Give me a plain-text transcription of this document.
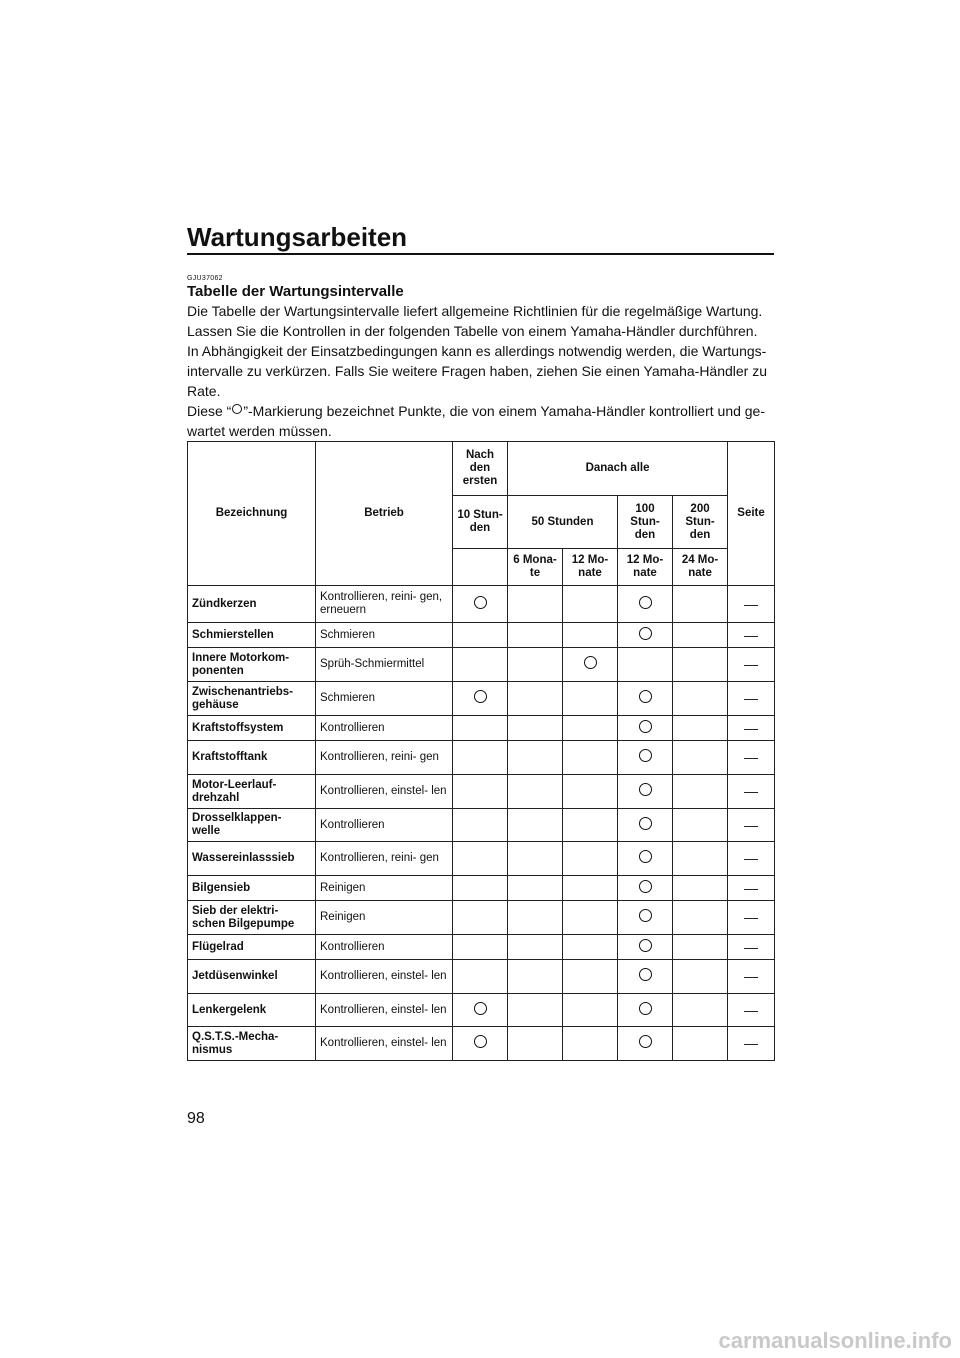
Wartungsarbeiten
GJU37062
Tabelle der Wartungsintervalle

Die Tabelle der Wartungsintervalle liefert allgemeine Richtlinien für die regelmäßige Wartung.

Lassen Sie die Kontrollen in der folgenden Tabelle von einem Yamaha-Händler durchführen.

In Abhängigkeit der Einsatzbedingungen kann es allerdings notwendig werden, die Wartungs-

intervalle zu verkürzen. Falls Sie weitere Fragen haben, ziehen Sie einen Yamaha-Händler zu

Rate.

Diese “ ”-Markierung bezeichnet Punkte, die von einem Yamaha-Händler kontrolliert und ge-

wartet werden müssen.

Bezeichnung	Betrieb	Nach den ersten	Danach alle				Seite
		10 Stun- den	50 Stunden		100 Stun- den	200 Stun- den	
			6 Mona- te	12 Mo- nate	12 Mo- nate	24 Mo- nate	
Zündkerzen	Kontrollieren, reini- gen, erneuern						—
Schmierstellen	Schmieren						—
Innere Motorkom- ponenten	Sprüh-Schmiermittel						—
Zwischenantriebs- gehäuse	Schmieren						—
Kraftstoffsystem	Kontrollieren						—
Kraftstofftank	Kontrollieren, reini- gen						—
Motor-Leerlauf- drehzahl	Kontrollieren, einstel- len						—
Drosselklappen- welle	Kontrollieren						—
Wassereinlasssieb	Kontrollieren, reini- gen						—
Bilgensieb	Reinigen						—
Sieb der elektri- schen Bilgepumpe	Reinigen						—
Flügelrad	Kontrollieren						—
Jetdüsenwinkel	Kontrollieren, einstel- len						—
Lenkergelenk	Kontrollieren, einstel- len						—
Q.S.T.S.-Mecha- nismus	Kontrollieren, einstel- len						—
98
carmanualsonline.info
